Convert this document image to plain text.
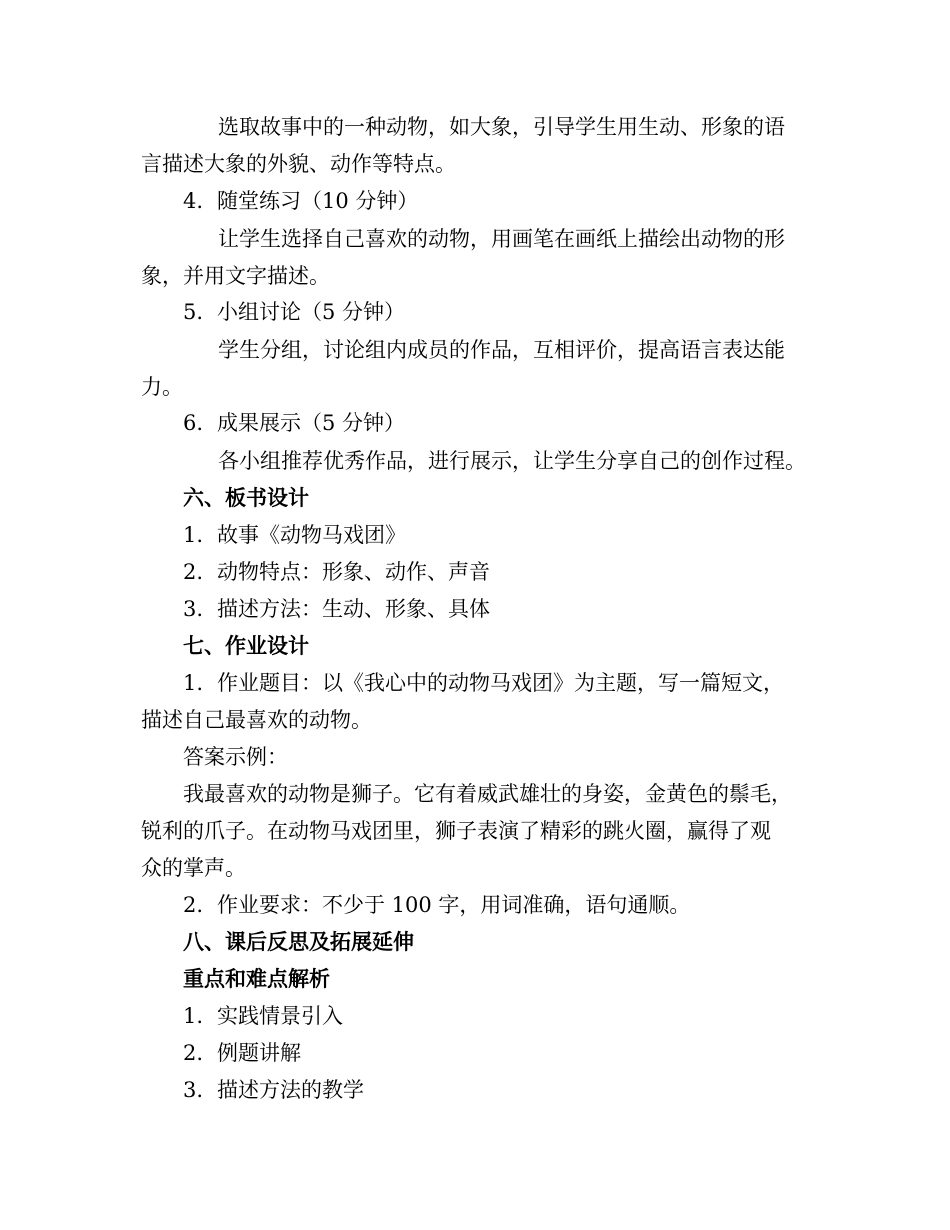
选取故事中的一种动物，如大象，引导学生用生动、形象的语
言描述大象的外貌、动作等特点。
4. 随堂练习（10 分钟）
让学生选择自己喜欢的动物，用画笔在画纸上描绘出动物的形
象，并用文字描述。
5. 小组讨论（5 分钟）
学生分组，讨论组内成员的作品，互相评价，提高语言表达能
力。
6. 成果展示（5 分钟）
各小组推荐优秀作品，进行展示，让学生分享自己的创作过程。
六、板书设计
1. 故事《动物马戏团》
2. 动物特点：形象、动作、声音
3. 描述方法：生动、形象、具体
七、作业设计
1. 作业题目：以《我心中的动物马戏团》为主题，写一篇短文，
描述自己最喜欢的动物。
答案示例：
我最喜欢的动物是狮子。它有着威武雄壮的身姿，金黄色的鬃毛，
锐利的爪子。在动物马戏团里，狮子表演了精彩的跳火圈，赢得了观
众的掌声。
2. 作业要求：不少于 100 字，用词准确，语句通顺。
八、课后反思及拓展延伸
重点和难点解析
1. 实践情景引入
2. 例题讲解
3. 描述方法的教学
